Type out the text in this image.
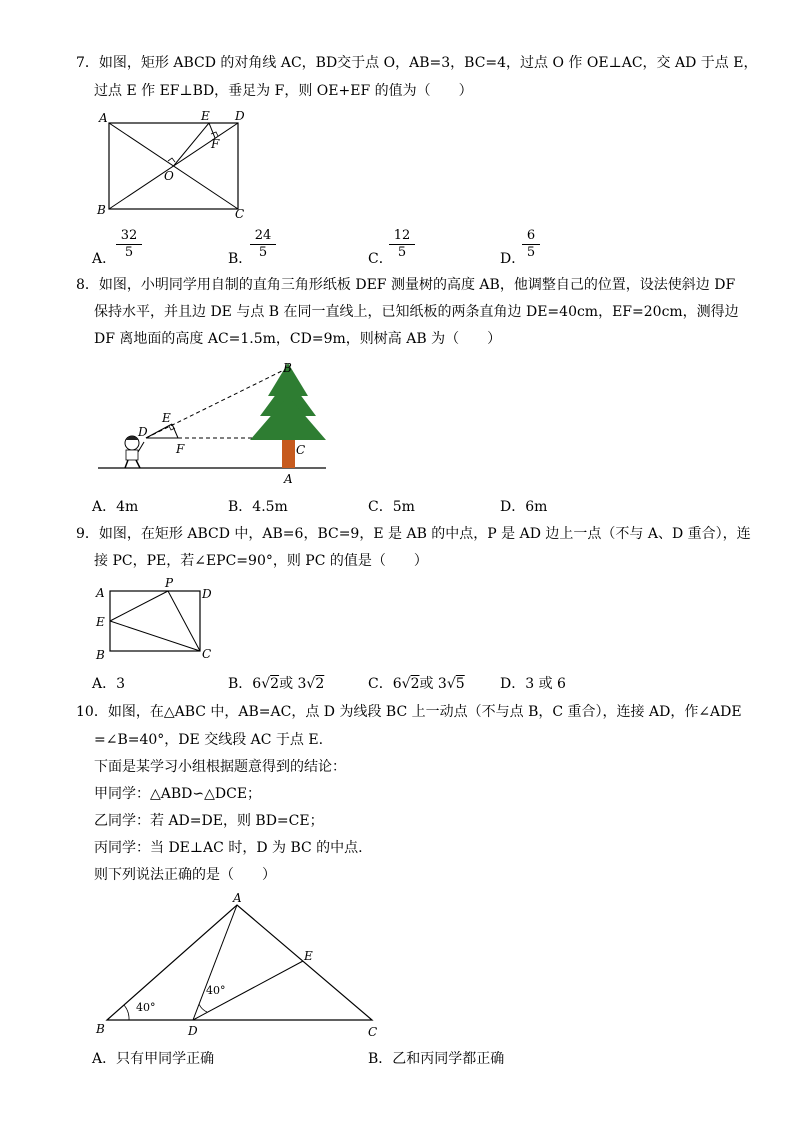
7．如图，矩形 ABCD 的对角线 AC，BD交于点 O，AB=3，BC=4，过点 O 作 OE⊥AC，交 AD 于点 E，
过点 E 作 EF⊥BD，垂足为 F，则 OE+EF 的值为（　　）
A
B	C
D
E
F
O
A．
32
5	B．
24
5	C．
12
5	D．
6
5
8．如图，小明同学用自制的直角三角形纸板 DEF 测量树的高度 AB，他调整自己的位置，设法使斜边 DF
保持水平，并且边 DE 与点 B 在同一直线上，已知纸板的两条直角边 DE=40cm，EF=20cm，测得边
DF 离地面的高度 AC=1.5m，CD=9m，则树高 AB 为（　　）
B
E
D
F	C
A
A．4m	B．4.5m	C．5m	D．6m
9．如图，在矩形 ABCD 中，AB=6，BC=9，E 是 AB 的中点，P 是 AD 边上一点（不与 A、D 重合），连
接 PC，PE，若∠EPC=90°，则 PC 的值是（　　）
A
E
B	C
D
P
A．3	B．6√2或 3√2	C．6√2或 3√5	D．3 或 6
10．如图，在△ABC 中，AB=AC，点 D 为线段 BC 上一动点（不与点 B，C 重合），连接 AD，作∠ADE
=∠B=40°，DE 交线段 AC 于点 E.
下面是某学习小组根据题意得到的结论：
甲同学：△ABD∽△DCE；
乙同学：若 AD=DE，则 BD=CE；
丙同学：当 DE⊥AC 时，D 为 BC 的中点.
则下列说法正确的是（　　）
A
B	D	C
E
40°
40°
A．只有甲同学正确	B．乙和丙同学都正确
